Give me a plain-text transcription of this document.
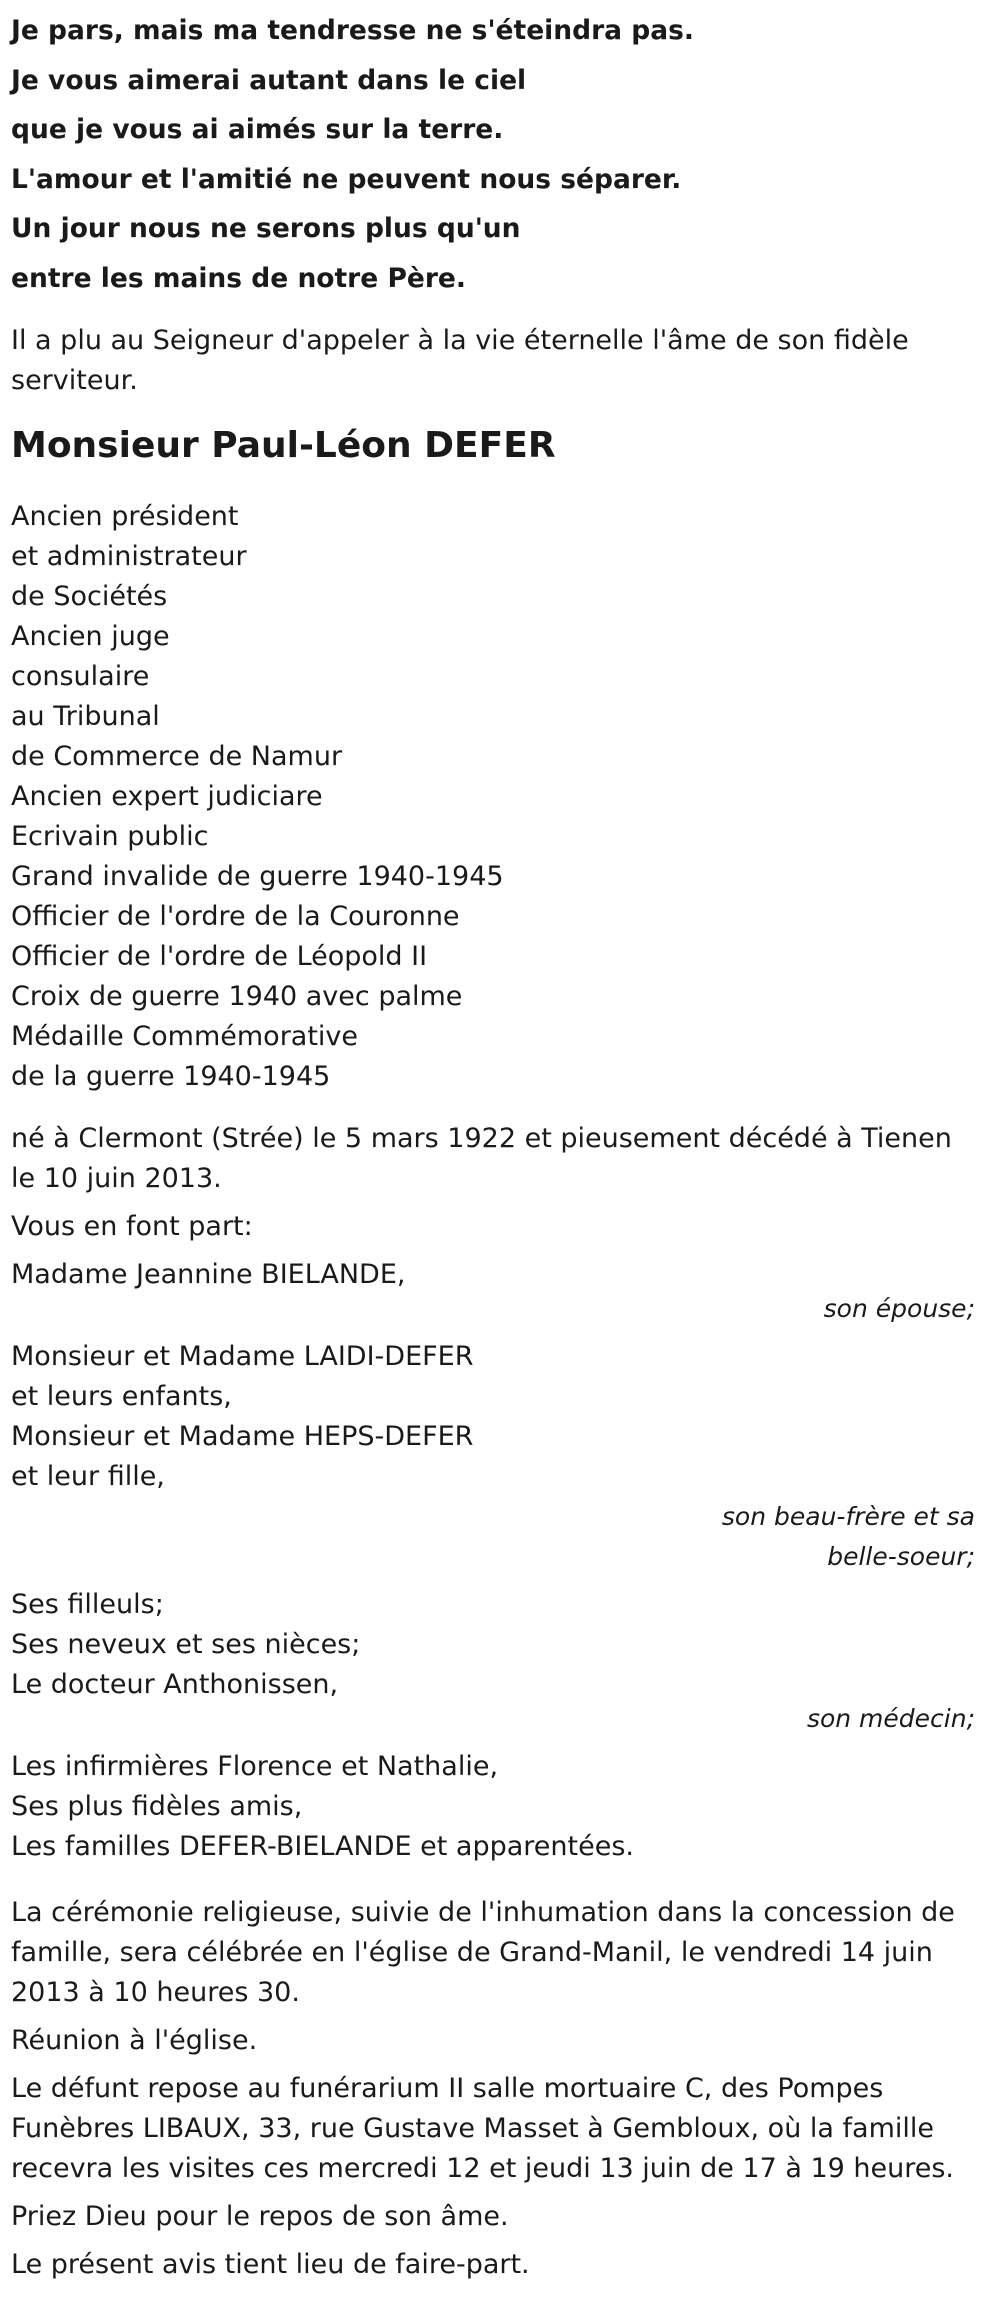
Je pars, mais ma tendresse ne s'éteindra pas.
Je vous aimerai autant dans le ciel
que je vous ai aimés sur la terre.
L'amour et l'amitié ne peuvent nous séparer.
Un jour nous ne serons plus qu'un
entre les mains de notre Père.

Il a plu au Seigneur d'appeler à la vie éternelle l'âme de son fidèle serviteur.

Monsieur Paul-Léon DEFER
Ancien président
et administrateur
de Sociétés
Ancien juge
consulaire
au Tribunal
de Commerce de Namur
Ancien expert judiciare
Ecrivain public
Grand invalide de guerre 1940-1945
Officier de l'ordre de la Couronne
Officier de l'ordre de Léopold II
Croix de guerre 1940 avec palme
Médaille Commémorative
de la guerre 1940-1945

né à Clermont (Strée) le 5 mars 1922 et pieusement décédé à Tienen le 10 juin 2013.

Vous en font part:
Madame Jeannine BIELANDE,
son épouse;
Monsieur et Madame LAIDI-DEFER
et leurs enfants,
Monsieur et Madame HEPS-DEFER
et leur fille,
son beau-frère et sa
belle-soeur;
Ses filleuls;
Ses neveux et ses nièces;
Le docteur Anthonissen,
son médecin;
Les infirmières Florence et Nathalie,
Ses plus fidèles amis,
Les familles DEFER-BIELANDE et apparentées.

La cérémonie religieuse, suivie de l'inhumation dans la concession de famille, sera célébrée en l'église de Grand-Manil, le vendredi 14 juin 2013 à 10 heures 30.

Réunion à l'église.

Le défunt repose au funérarium II salle mortuaire C, des Pompes Funèbres LIBAUX, 33, rue Gustave Masset à Gembloux, où la famille recevra les visites ces mercredi 12 et jeudi 13 juin de 17 à 19 heures.

Priez Dieu pour le repos de son âme.

Le présent avis tient lieu de faire-part.
